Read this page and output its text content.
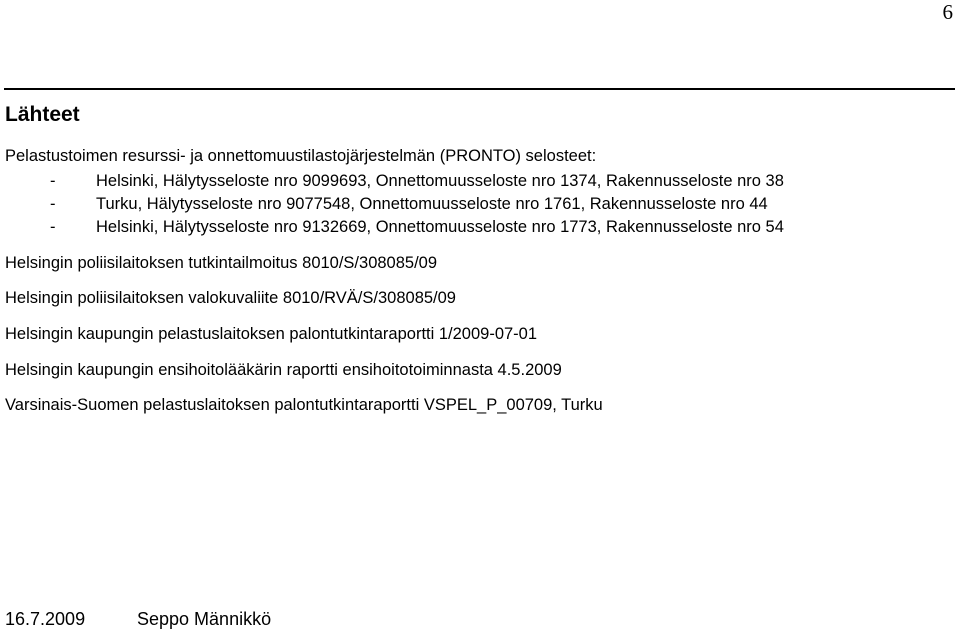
6
Lähteet
Pelastustoimen resurssi- ja onnettomuustilastojärjestelmän (PRONTO) selosteet:
- Helsinki, Hälytysseloste nro 9099693, Onnettomuusseloste nro 1374, Rakennusseloste nro 38
- Turku, Hälytysseloste nro 9077548, Onnettomuusseloste nro 1761, Rakennusseloste nro 44
- Helsinki, Hälytysseloste nro 9132669, Onnettomuusseloste nro 1773, Rakennusseloste nro 54
Helsingin poliisilaitoksen tutkintailmoitus 8010/S/308085/09
Helsingin poliisilaitoksen valokuvaliite 8010/RVÄ/S/308085/09
Helsingin kaupungin pelastuslaitoksen palontutkintaraportti 1/2009-07-01
Helsingin kaupungin ensihoitolääkärin raportti ensihoitotoiminnasta 4.5.2009
Varsinais-Suomen pelastuslaitoksen palontutkintaraportti VSPEL_P_00709, Turku
16.7.2009	Seppo Männikkö
